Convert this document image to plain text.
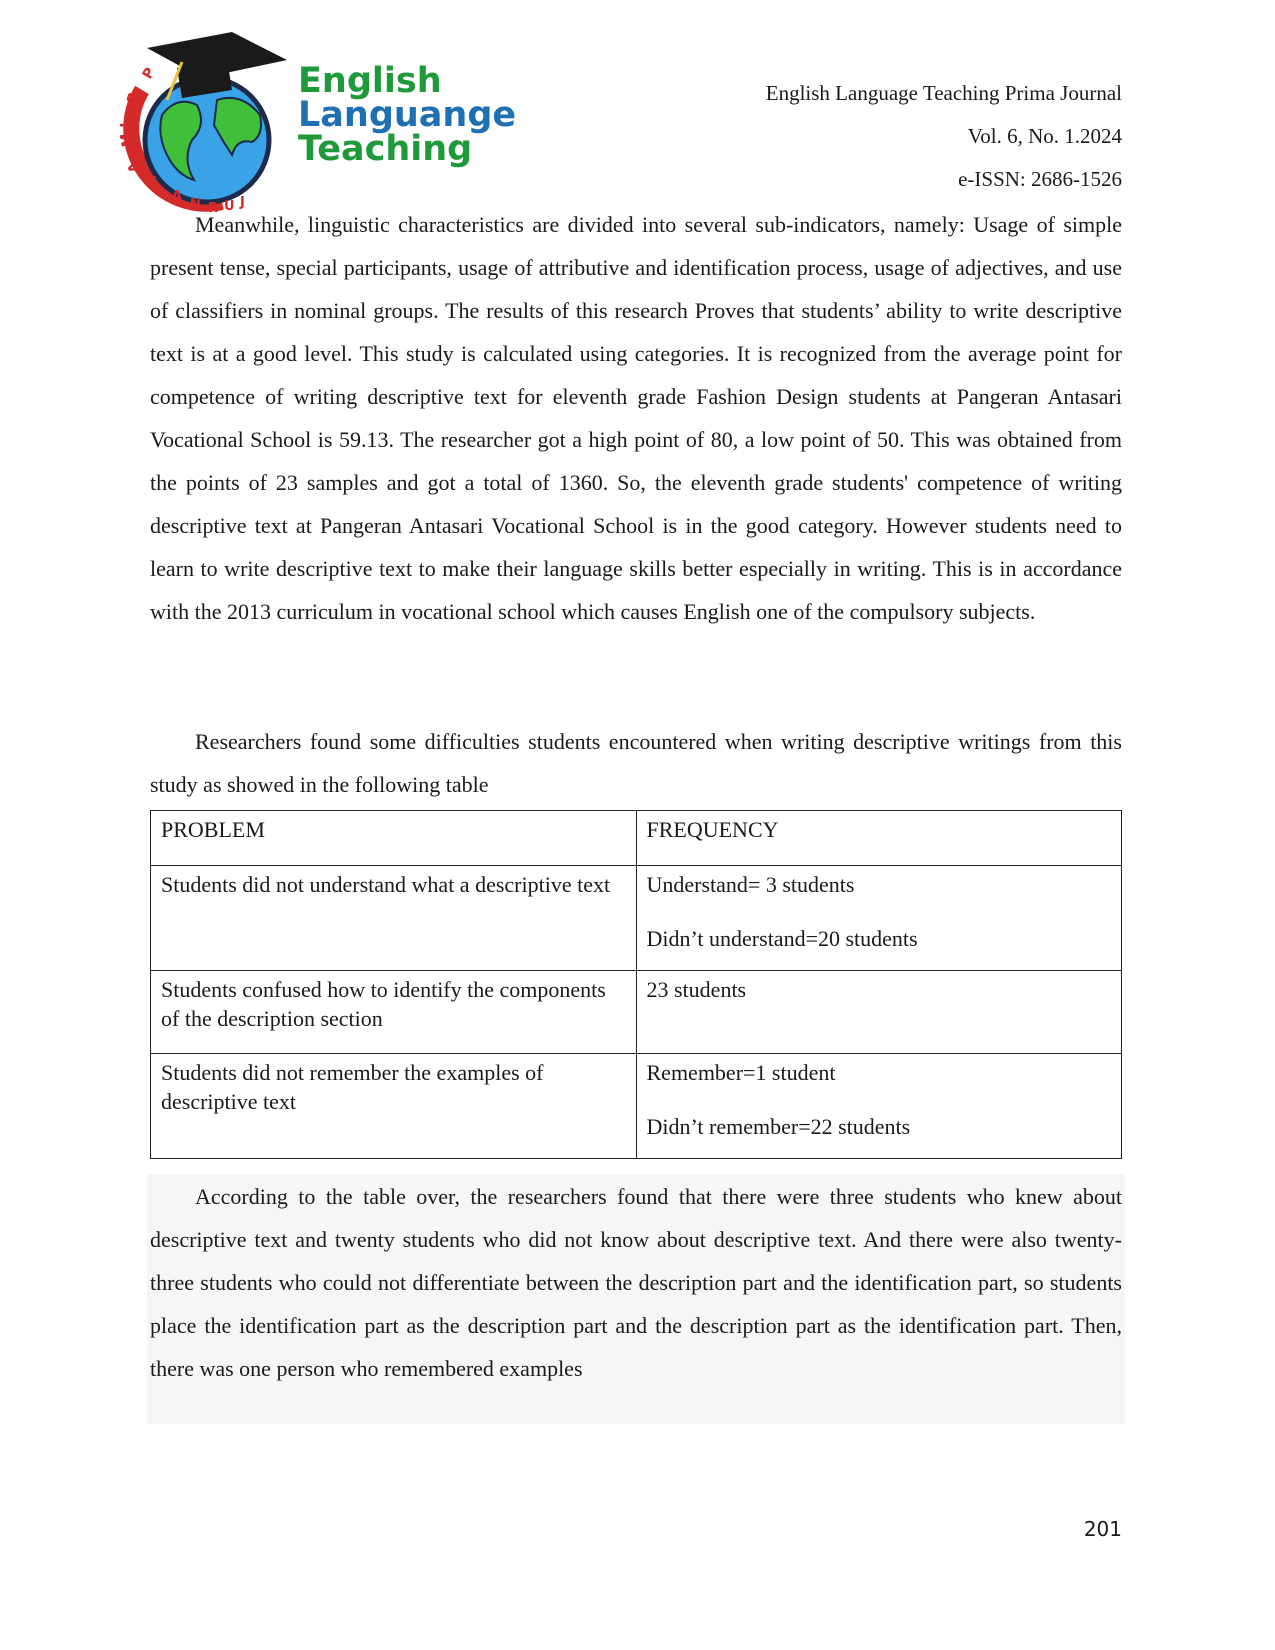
P
R
I
M
A
L
A
N R U J
English
Languange
Teaching
English Language Teaching Prima Journal
Vol. 6, No. 1.2024
e-ISSN: 2686-1526

Meanwhile, linguistic characteristics are divided into several sub-indicators, namely: Usage of simple present tense, special participants, usage of attributive and identification process, usage of adjectives, and use of classifiers in nominal groups. The results of this research Proves that students’ ability to write descriptive text is at a good level. This study is calculated using categories. It is recognized from the average point for competence of writing descriptive text for eleventh grade Fashion Design students at Pangeran Antasari Vocational School is 59.13. The researcher got a high point of 80, a low point of 50. This was obtained from the points of 23 samples and got a total of 1360. So, the eleventh grade students' competence of writing descriptive text at Pangeran Antasari Vocational School is in the good category. However students need to learn to write descriptive text to make their language skills better especially in writing. This is in accordance with the 2013 curriculum in vocational school which causes English one of the compulsory subjects.

Researchers found some difficulties students encountered when writing descriptive writings from this study as showed in the following table

PROBLEM	FREQUENCY
Students did not understand what a descriptive text	Understand= 3 students
Didn’t understand=20 students

Students confused how to identify the components of the description section	23 students

Students did not remember the examples of descriptive text	Remember=1 student
Didn’t remember=22 students

According to the table over, the researchers found that there were three students who knew about descriptive text and twenty students who did not know about descriptive text. And there were also twenty-three students who could not differentiate between the description part and the identification part, so students place the identification part as the description part and the description part as the identification part. Then, there was one person who remembered examples

201
